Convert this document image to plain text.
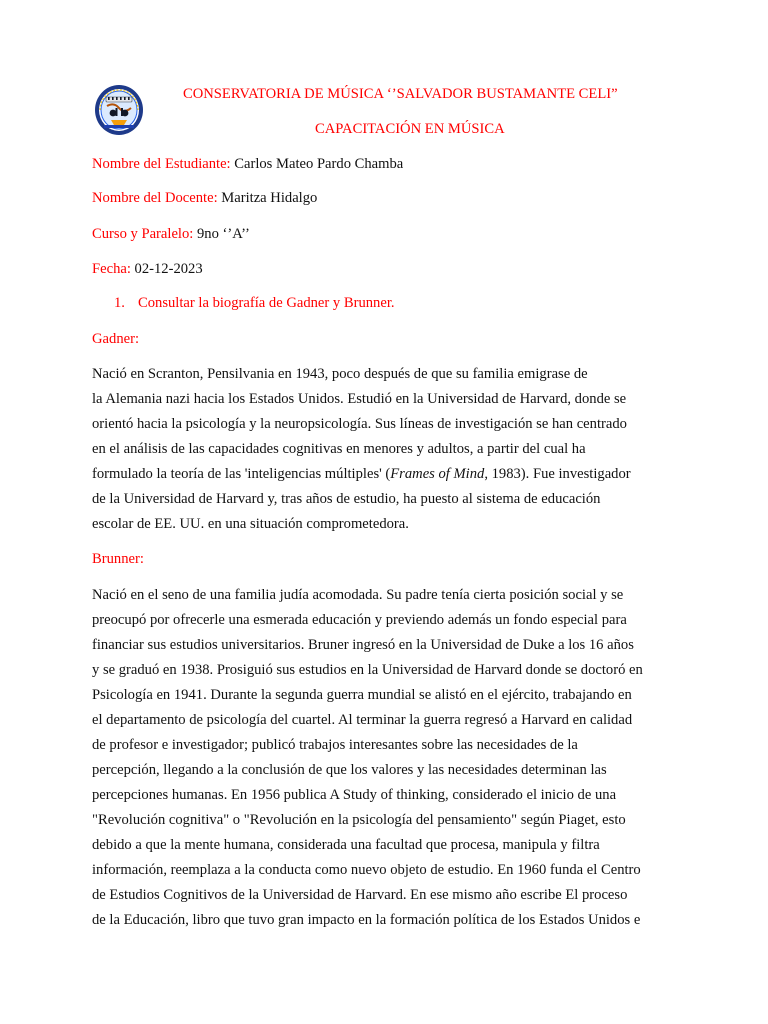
CONSERVATORIA DE MÚSICA ‘’SALVADOR BUSTAMANTE CELI”
CAPACITACIÓN EN MÚSICA
Nombre del Estudiante: Carlos Mateo Pardo Chamba
Nombre del Docente: Maritza Hidalgo
Curso y Paralelo: 9no ‘’A’’
Fecha: 02-12-2023
1. Consultar la biografía de Gadner y Brunner.
Gadner:
Nació en Scranton, Pensilvania en 1943, poco después de que su familia emigrase de
la Alemania nazi hacia los Estados Unidos. Estudió en la Universidad de Harvard, donde se
orientó hacia la psicología y la neuropsicología. Sus líneas de investigación se han centrado
en el análisis de las capacidades cognitivas en menores y adultos, a partir del cual ha
formulado la teoría de las 'inteligencias múltiples' (Frames of Mind, 1983). Fue investigador
de la Universidad de Harvard y, tras años de estudio, ha puesto al sistema de educación
escolar de EE. UU. en una situación comprometedora.
Brunner:
Nació en el seno de una familia judía acomodada. Su padre tenía cierta posición social y se
preocupó por ofrecerle una esmerada educación y previendo además un fondo especial para
financiar sus estudios universitarios. Bruner ingresó en la Universidad de Duke a los 16 años
y se graduó en 1938. Prosiguió sus estudios en la Universidad de Harvard donde se doctoró en
Psicología en 1941. Durante la segunda guerra mundial se alistó en el ejército, trabajando en
el departamento de psicología del cuartel. Al terminar la guerra regresó a Harvard en calidad
de profesor e investigador; publicó trabajos interesantes sobre las necesidades de la
percepción, llegando a la conclusión de que los valores y las necesidades determinan las
percepciones humanas. En 1956 publica A Study of thinking, considerado el inicio de una
"Revolución cognitiva" o "Revolución en la psicología del pensamiento" según Piaget, esto
debido a que la mente humana, considerada una facultad que procesa, manipula y filtra
información, reemplaza a la conducta como nuevo objeto de estudio. En 1960 funda el Centro
de Estudios Cognitivos de la Universidad de Harvard. En ese mismo año escribe El proceso
de la Educación, libro que tuvo gran impacto en la formación política de los Estados Unidos e
